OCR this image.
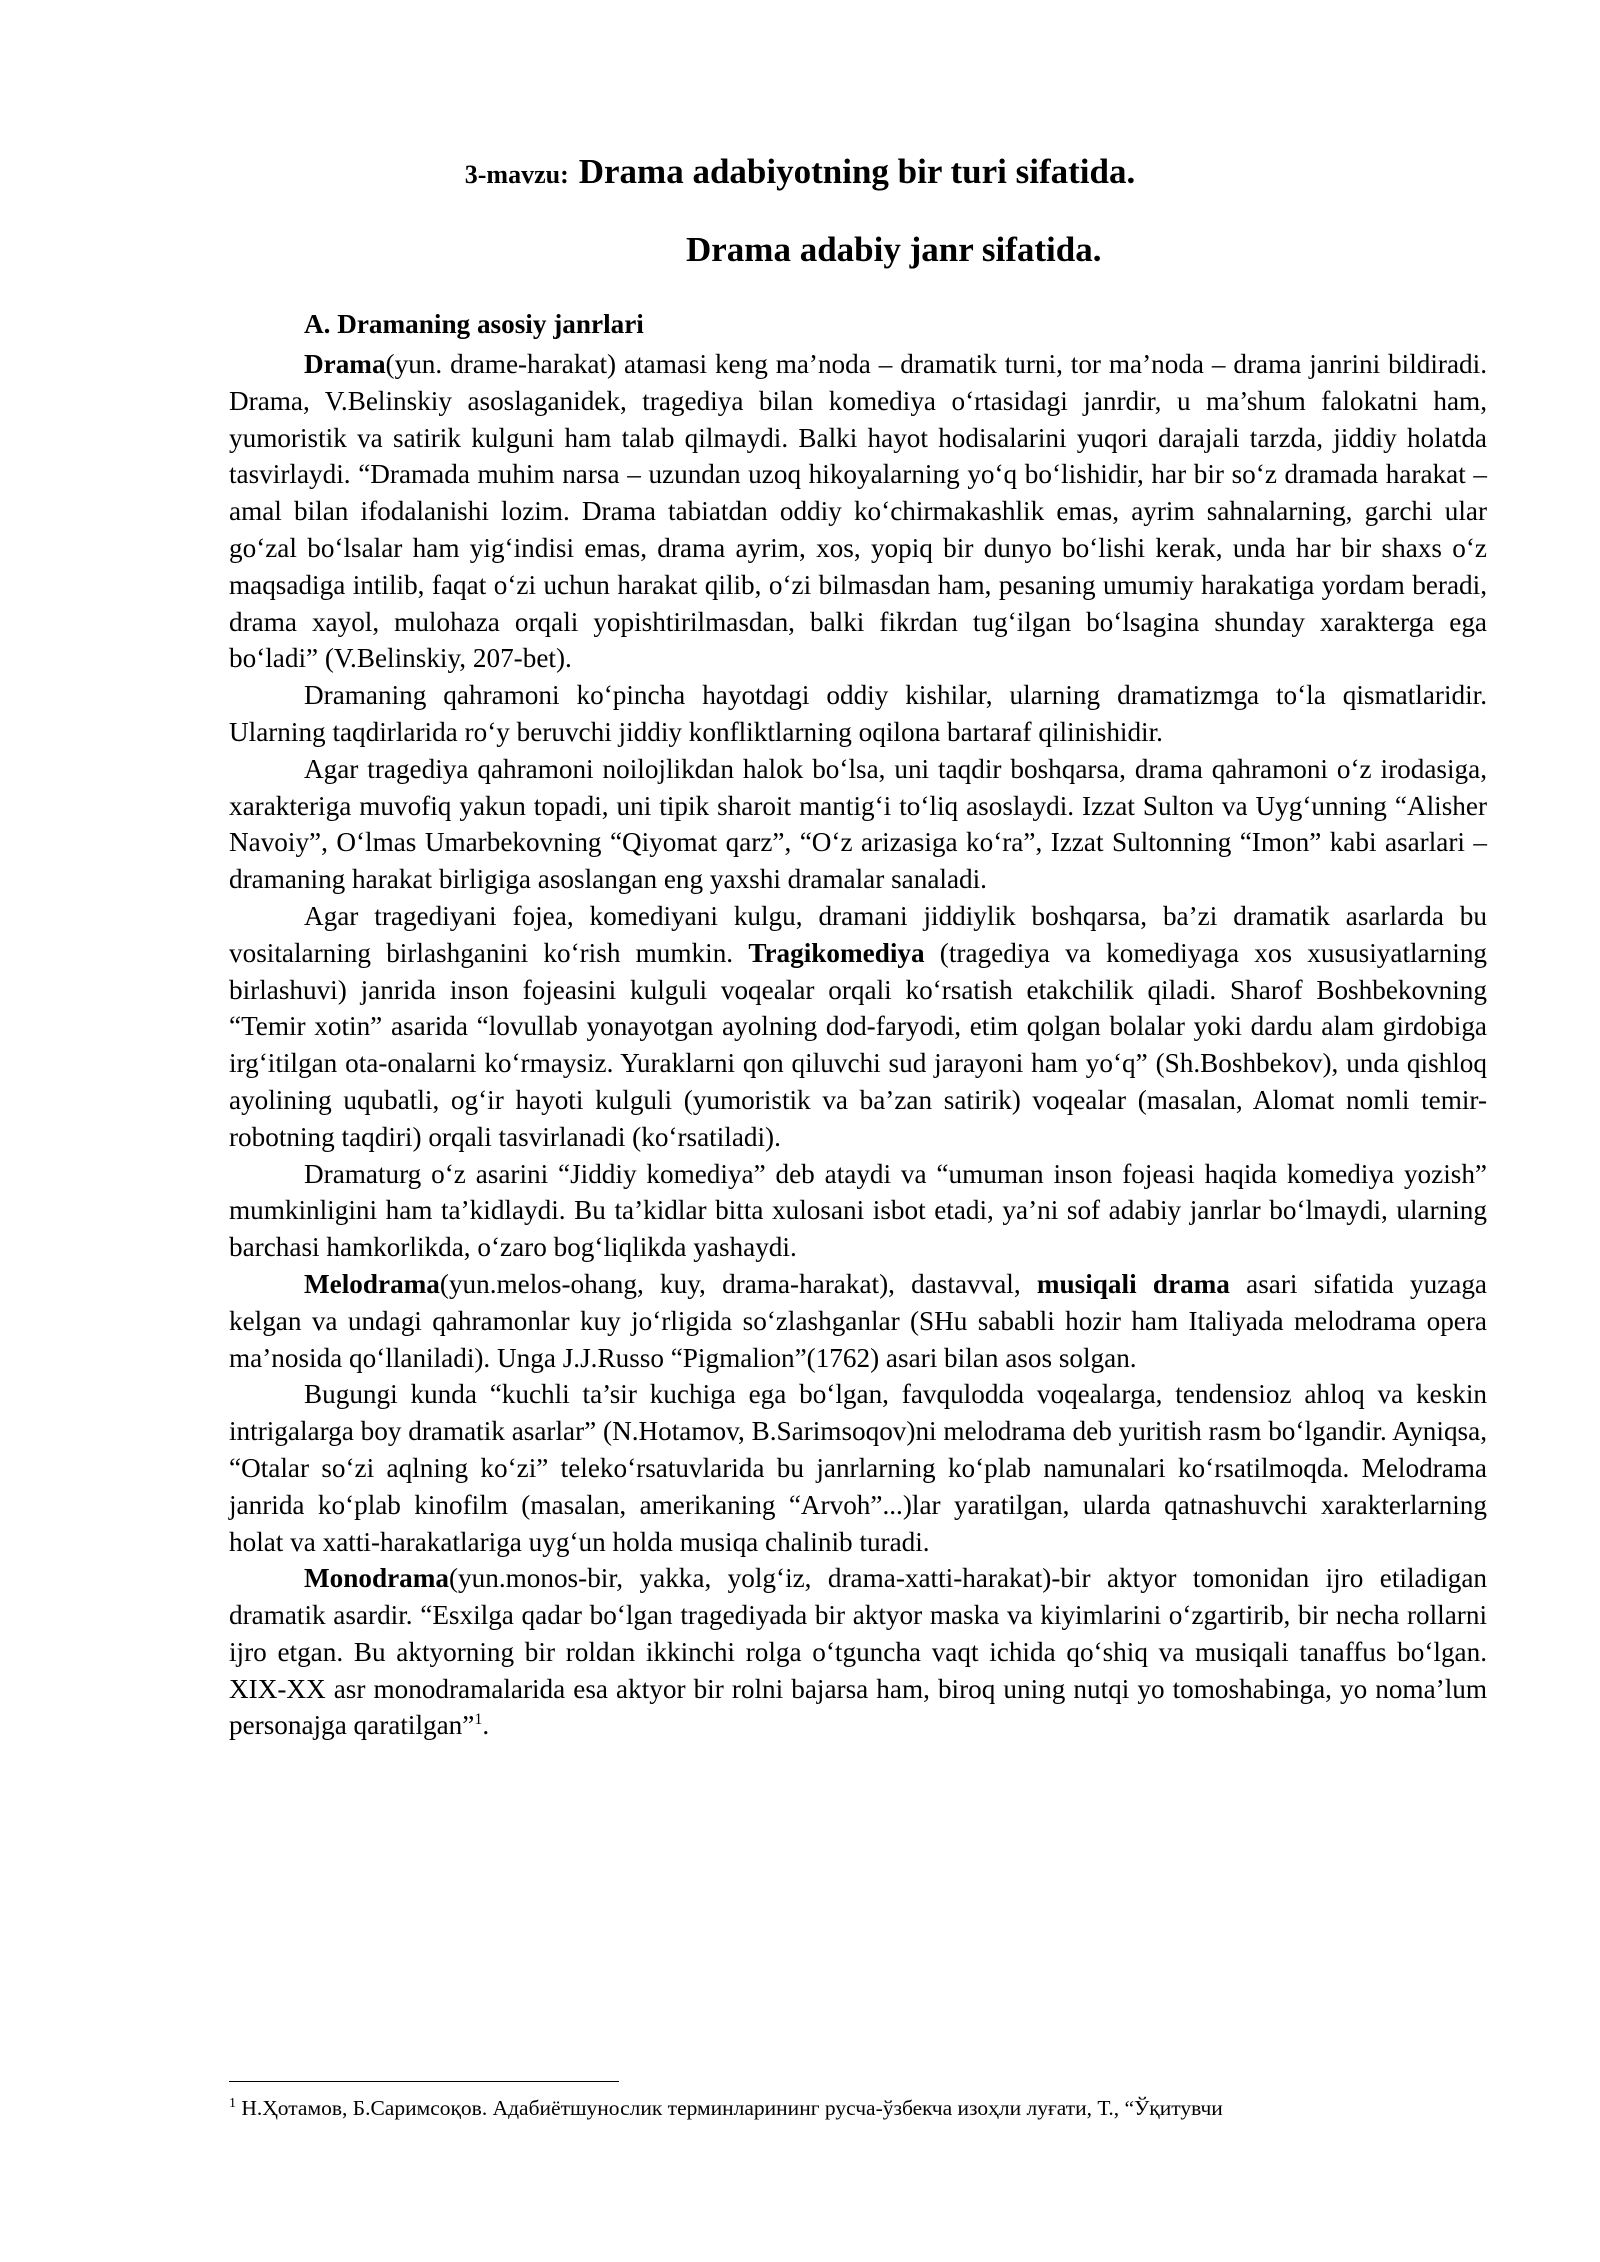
3-mavzu: Drama adabiyotning bir turi sifatida.
Drama adabiy janr sifatida.
A. Dramaning asosiy janrlari

Drama(yun. drame-harakat) atamasi keng ma’noda – dramatik turni, tor ma’noda – drama janrini bildiradi. Drama, V.Belinskiy asoslaganidek, tragediya bilan komediya o‘rtasidagi janrdir, u ma’shum falokatni ham, yumoristik va satirik kulguni ham talab qilmaydi. Balki hayot hodisalarini yuqori darajali tarzda, jiddiy holatda tasvirlaydi. “Dramada muhim narsa – uzundan uzoq hikoyalarning yo‘q bo‘lishidir, har bir so‘z dramada harakat – amal bilan ifodalanishi lozim. Drama tabiatdan oddiy ko‘chirmakashlik emas, ayrim sahnalarning, garchi ular go‘zal bo‘lsalar ham yig‘indisi emas, drama ayrim, xos, yopiq bir dunyo bo‘lishi kerak, unda har bir shaxs o‘z maqsadiga intilib, faqat o‘zi uchun harakat qilib, o‘zi bilmasdan ham, pesaning umumiy harakatiga yordam beradi, drama xayol, mulohaza orqali yopishtirilmasdan, balki fikrdan tug‘ilgan bo‘lsagina shunday xarakterga ega bo‘ladi” (V.Belinskiy, 207-bet).

Dramaning qahramoni ko‘pincha hayotdagi oddiy kishilar, ularning dramatizmga to‘la qismatlaridir. Ularning taqdirlarida ro‘y beruvchi jiddiy konfliktlarning oqilona bartaraf qilinishidir.

Agar tragediya qahramoni noilojlikdan halok bo‘lsa, uni taqdir boshqarsa, drama qahramoni o‘z irodasiga, xarakteriga muvofiq yakun topadi, uni tipik sharoit mantig‘i to‘liq asoslaydi. Izzat Sulton va Uyg‘unning “Alisher Navoiy”, O‘lmas Umarbekovning “Qiyomat qarz”, “O‘z arizasiga ko‘ra”, Izzat Sultonning “Imon” kabi asarlari – dramaning harakat birligiga asoslangan eng yaxshi dramalar sanaladi.

Agar tragediyani fojea, komediyani kulgu, dramani jiddiylik boshqarsa, ba’zi dramatik asarlarda bu vositalarning birlashganini ko‘rish mumkin. Tragikomediya (tragediya va komediyaga xos xususiyatlarning birlashuvi) janrida inson fojeasini kulguli voqealar orqali ko‘rsatish etakchilik qiladi. Sharof Boshbekovning “Temir xotin” asarida “lovullab yonayotgan ayolning dod-faryodi, etim qolgan bolalar yoki dardu alam girdobiga irg‘itilgan ota-onalarni ko‘rmaysiz. Yuraklarni qon qiluvchi sud jarayoni ham yo‘q” (Sh.Boshbekov), unda qishloq ayolining uqubatli, og‘ir hayoti kulguli (yumoristik va ba’zan satirik) voqealar (masalan, Alomat nomli temir-robotning taqdiri) orqali tasvirlanadi (ko‘rsatiladi).

Dramaturg o‘z asarini “Jiddiy komediya” deb ataydi va “umuman inson fojeasi haqida komediya yozish” mumkinligini ham ta’kidlaydi. Bu ta’kidlar bitta xulosani isbot etadi, ya’ni sof adabiy janrlar bo‘lmaydi, ularning barchasi hamkorlikda, o‘zaro bog‘liqlikda yashaydi.

Melodrama(yun.melos-ohang, kuy, drama-harakat), dastavval, musiqali drama asari sifatida yuzaga kelgan va undagi qahramonlar kuy jo‘rligida so‘zlashganlar (SHu sababli hozir ham Italiyada melodrama opera ma’nosida qo‘llaniladi). Unga J.J.Russo “Pigmalion”(1762) asari bilan asos solgan.

Bugungi kunda “kuchli ta’sir kuchiga ega bo‘lgan, favqulodda voqealarga, tendensioz ahloq va keskin intrigalarga boy dramatik asarlar” (N.Hotamov, B.Sarimsoqov)ni melodrama deb yuritish rasm bo‘lgandir. Ayniqsa, “Otalar so‘zi aqlning ko‘zi” teleko‘rsatuvlarida bu janrlarning ko‘plab namunalari ko‘rsatilmoqda. Melodrama janrida ko‘plab kinofilm (masalan, amerikaning “Arvoh”...)lar yaratilgan, ularda qatnashuvchi xarakterlarning holat va xatti-harakatlariga uyg‘un holda musiqa chalinib turadi.

Monodrama(yun.monos-bir, yakka, yolg‘iz, drama-xatti-harakat)-bir aktyor tomonidan ijro etiladigan dramatik asardir. “Esxilga qadar bo‘lgan tragediyada bir aktyor maska va kiyimlarini o‘zgartirib, bir necha rollarni ijro etgan. Bu aktyorning bir roldan ikkinchi rolga o‘tguncha vaqt ichida qo‘shiq va musiqali tanaffus bo‘lgan. XIX-XX asr monodramalarida esa aktyor bir rolni bajarsa ham, biroq uning nutqi yo tomoshabinga, yo noma’lum personajga qaratilgan”$^1$.

$^1$ Н.Ҳотамов, Б.Саримсоқов. Адабиётшунослик терминларининг русча-ўзбекча изоҳли луғати, Т., “Ўқитувчи
